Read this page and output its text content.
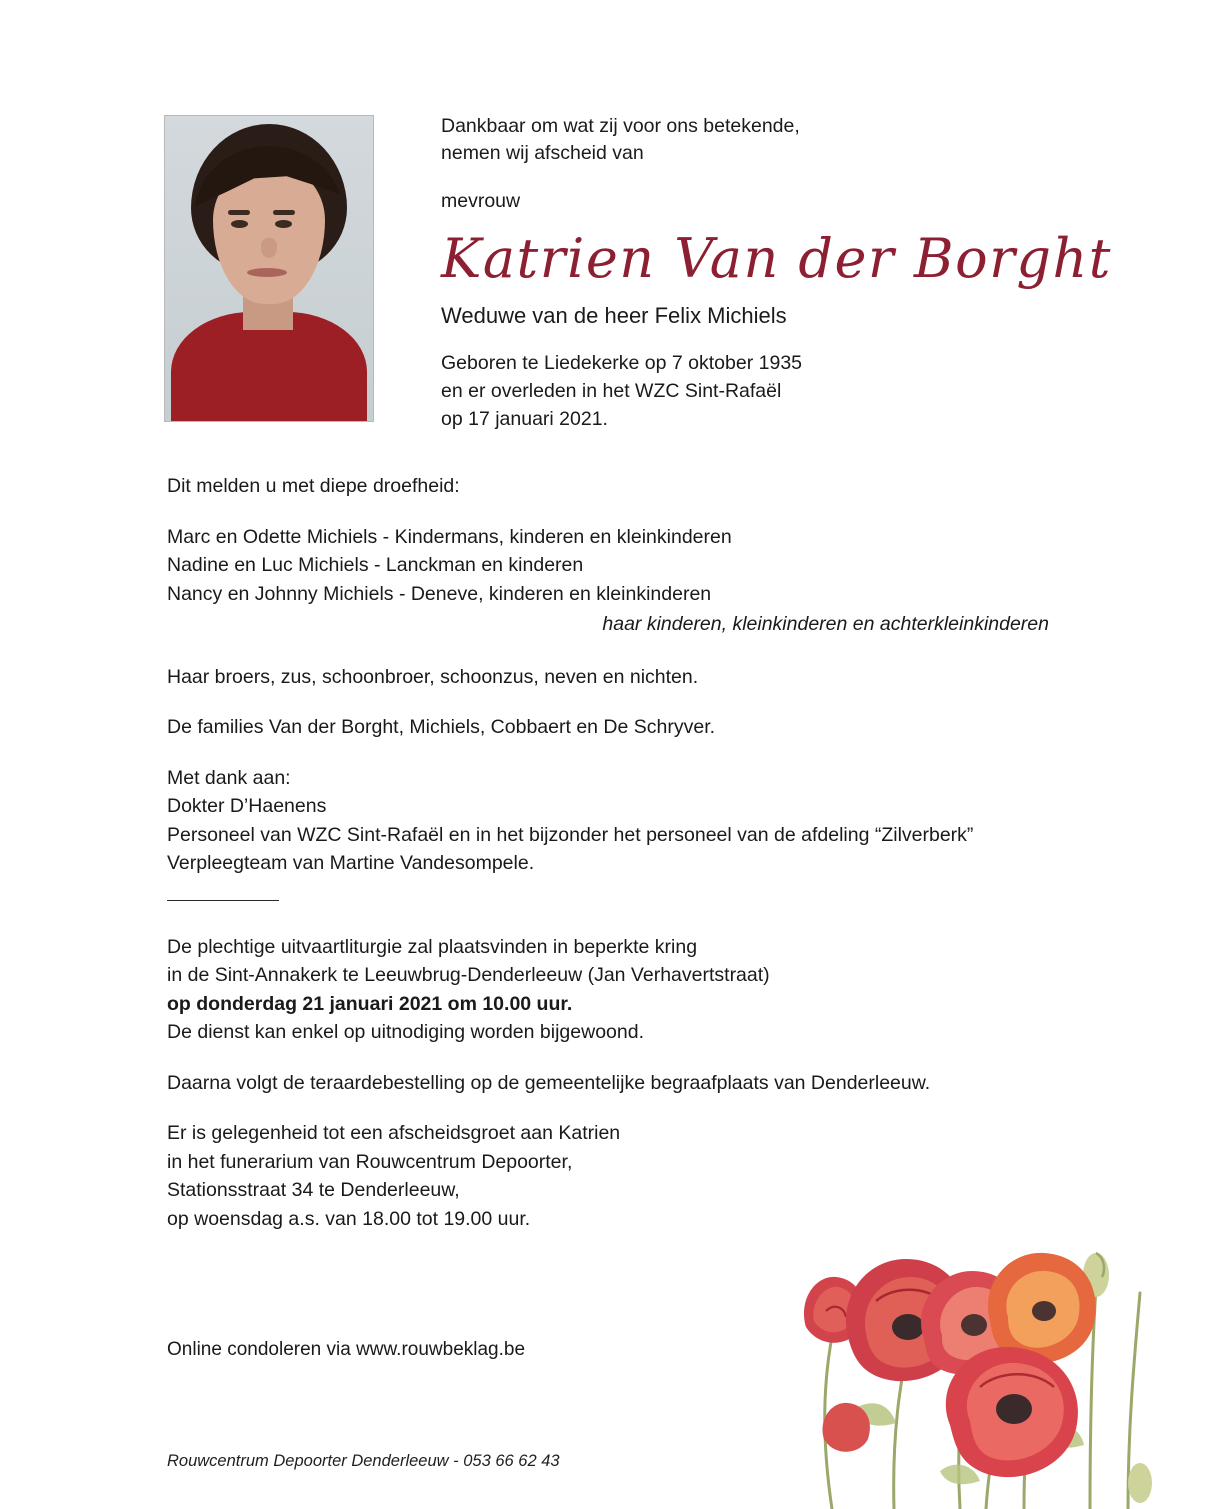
Dankbaar om wat zij voor ons betekende,

nemen wij afscheid van

mevrouw
Katrien Van der Borght
Weduwe van de heer Felix Michiels

Geboren te Liedekerke op 7 oktober 1935

en er overleden in het WZC Sint-Rafaël

op 17 januari 2021.

Dit melden u met diepe droefheid:

Marc en Odette Michiels - Kindermans, kinderen en kleinkinderen

Nadine en Luc Michiels - Lanckman en kinderen

Nancy en Johnny Michiels - Deneve, kinderen en kleinkinderen

haar kinderen, kleinkinderen en achterkleinkinderen

Haar broers, zus, schoonbroer, schoonzus, neven en nichten.

De families Van der Borght, Michiels, Cobbaert en De Schryver.

Met dank aan:

Dokter D’Haenens

Personeel van WZC Sint-Rafaël en in het bijzonder het personeel van de afdeling “Zilverberk”

Verpleegteam van Martine Vandesompele.

De plechtige uitvaartliturgie zal plaatsvinden in beperkte kring

in de Sint-Annakerk te Leeuwbrug-Denderleeuw (Jan Verhavertstraat)

op donderdag 21 januari 2021 om 10.00 uur.

De dienst kan enkel op uitnodiging worden bijgewoond.

Daarna volgt de teraardebestelling op de gemeentelijke begraafplaats van Denderleeuw.

Er is gelegenheid tot een afscheidsgroet aan Katrien

in het funerarium van Rouwcentrum Depoorter,

Stationsstraat 34 te Denderleeuw,

op woensdag a.s. van 18.00 tot 19.00 uur.

Online condoleren via www.rouwbeklag.be
Rouwcentrum Depoorter Denderleeuw - 053 66 62 43
